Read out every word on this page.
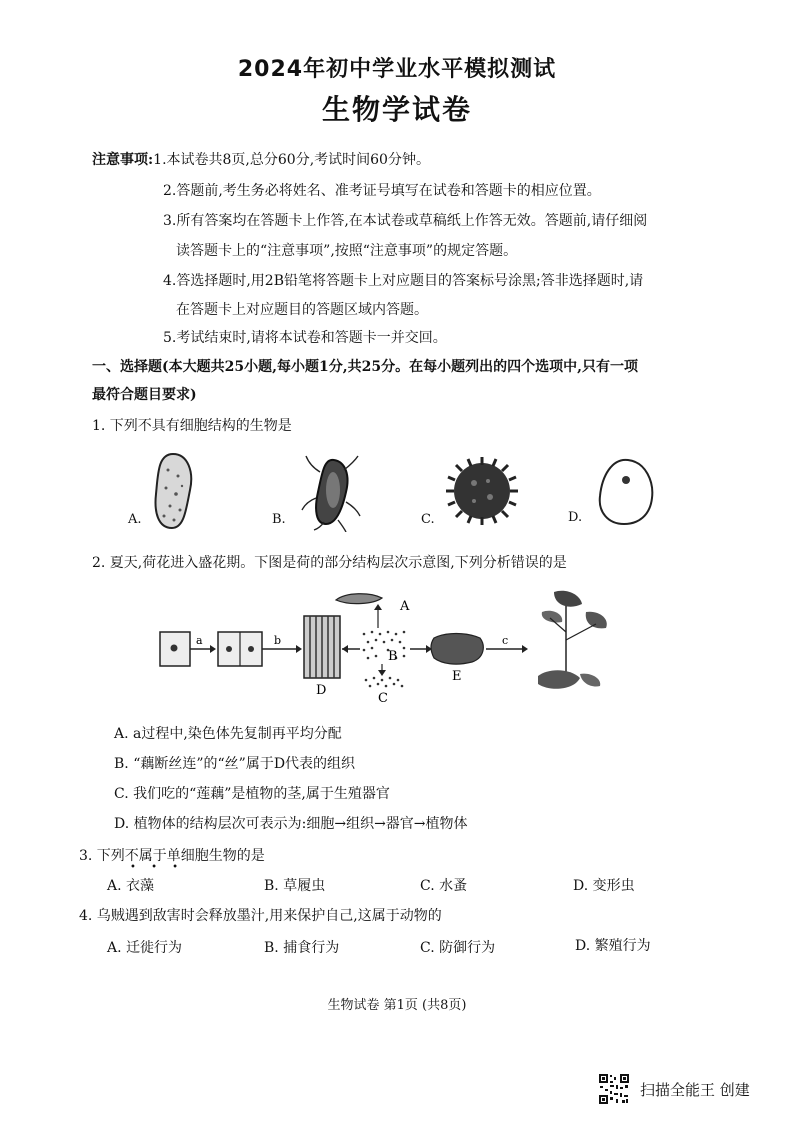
2024年初中学业水平模拟测试
生物学试卷
注意事项:1.本试卷共8页,总分60分,考试时间60分钟。
2.答题前,考生务必将姓名、准考证号填写在试卷和答题卡的相应位置。
3.所有答案均在答题卡上作答,在本试卷或草稿纸上作答无效。答题前,请仔细阅
读答题卡上的“注意事项”,按照“注意事项”的规定答题。
4.答选择题时,用2B铅笔将答题卡上对应题目的答案标号涂黑;答非选择题时,请
在答题卡上对应题目的答题区域内答题。
5.考试结束时,请将本试卷和答题卡一并交回。
一、选择题(本大题共25小题,每小题1分,共25分。在每小题列出的四个选项中,只有一项
最符合题目要求)
1. 下列不具有细胞结构的生物是
A.	B.	C.	D.
2. 夏天,荷花进入盛花期。下图是荷的部分结构层次示意图,下列分析错误的是
a	b
D
A
B
C
E
c
A. a过程中,染色体先复制再平均分配
B. “藕断丝连”的“丝”属于D代表的组织
C. 我们吃的“莲藕”是植物的茎,属于生殖器官
D. 植物体的结构层次可表示为:细胞→组织→器官→植物体
3. 下列不属于单细胞生物的是
• • •
A. 衣藻	B. 草履虫	C. 水蚤	D. 变形虫
4. 乌贼遇到敌害时会释放墨汁,用来保护自己,这属于动物的
A. 迁徙行为	B. 捕食行为	C. 防御行为	D. 繁殖行为
生物试卷 第1页 (共8页)
扫描全能王 创建
